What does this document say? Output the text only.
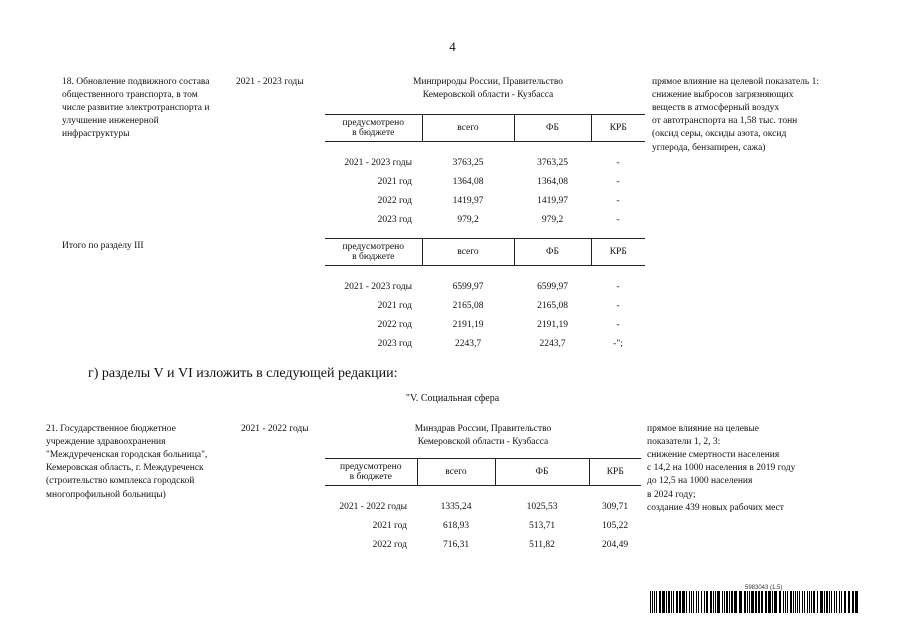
4
18. Обновление подвижного состава
общественного транспорта, в том
числе развитие электротранспорта и
улучшение инженерной
инфраструктуры
2021 - 2023 годы	Минприроды России, Правительство
Кемеровской области - Кузбасса
прямое влияние на целевой показатель 1:
снижение выбросов загрязняющих
веществ в атмосферный воздух
от автотранспорта на 1,58 тыс. тонн
(оксид серы, оксиды азота, оксид
углерода, бензапирен, сажа)
предусмотрено
в бюджете	всего	ФБ	КРБ

2021 - 2023 годы	3763,25	3763,25	-
2021 год	1364,08	1364,08	-
2022 год	1419,97	1419,97	-
2023 год	979,2	979,2	-
Итого по разделу III	предусмотрено
в бюджете	всего	ФБ	КРБ

2021 - 2023 годы	6599,97	6599,97	-
2021 год	2165,08	2165,08	-
2022 год	2191,19	2191,19	-
2023 год	2243,7	2243,7	-";
г) разделы V и VI изложить в следующей редакции:
"V. Социальная сфера
21. Государственное бюджетное
учреждение здравоохранения
"Междуреченская городская больница",
Кемеровская область, г. Междуреченск
(строительство комплекса городской
многопрофильной больницы)
2021 - 2022 годы	Минздрав России, Правительство
Кемеровской области - Кузбасса
прямое влияние на целевые
показатели 1, 2, 3:
снижение смертности населения
с 14,2 на 1000 населения в 2019 году
до 12,5 на 1000 населения
в 2024 году;
создание 439 новых рабочих мест
предусмотрено
в бюджете	всего	ФБ	КРБ

2021 - 2022 годы	1335,24	1025,53	309,71
2021 год	618,93	513,71	105,22
2022 год	716,31	511,82	204,49
5983043 (1.5)
